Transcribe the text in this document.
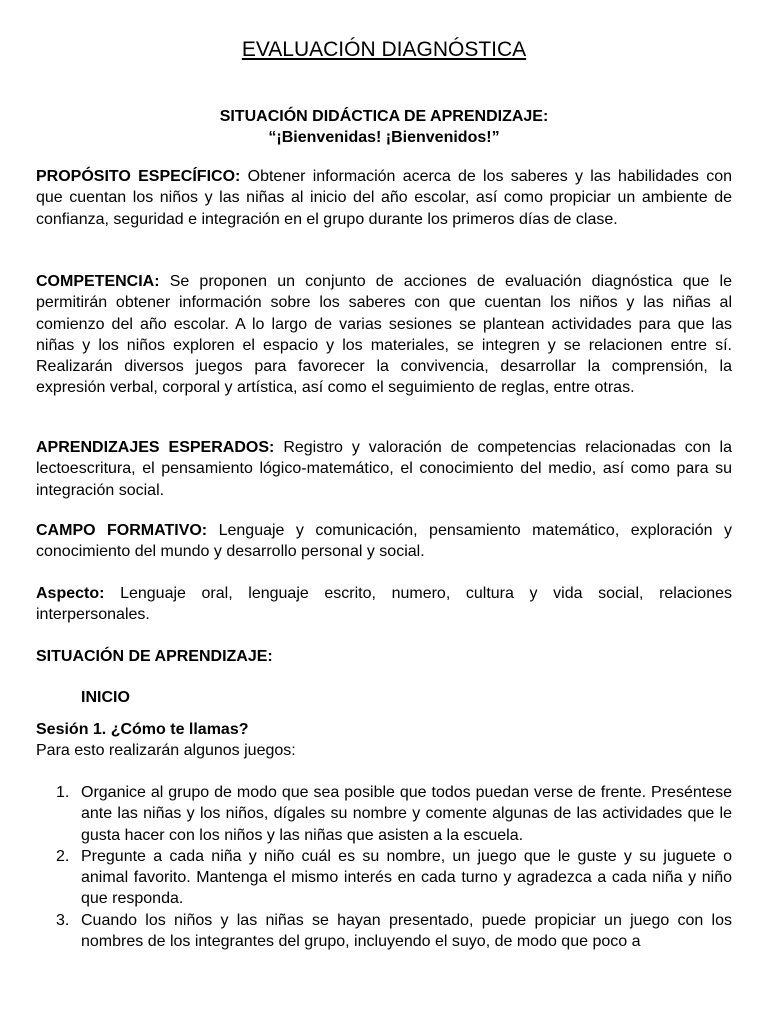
EVALUACIÓN DIAGNÓSTICA
SITUACIÓN DIDÁCTICA DE APRENDIZAJE:
“¡Bienvenidas! ¡Bienvenidos!”
PROPÓSITO ESPECÍFICO: Obtener información acerca de los saberes y las habilidades con que cuentan los niños y las niñas al inicio del año escolar, así como propiciar un ambiente de confianza, seguridad e integración en el grupo durante los primeros días de clase.
COMPETENCIA: Se proponen un conjunto de acciones de evaluación diagnóstica que le permitirán obtener información sobre los saberes con que cuentan los niños y las niñas al comienzo del año escolar. A lo largo de varias sesiones se plantean actividades para que las niñas y los niños exploren el espacio y los materiales, se integren y se relacionen entre sí. Realizarán diversos juegos para favorecer la convivencia, desarrollar la comprensión, la expresión verbal, corporal y artística, así como el seguimiento de reglas, entre otras.
APRENDIZAJES ESPERADOS: Registro y valoración de competencias relacionadas con la lectoescritura, el pensamiento lógico-matemático, el conocimiento del medio, así como para su integración social.
CAMPO FORMATIVO: Lenguaje y comunicación, pensamiento matemático, exploración y conocimiento del mundo y desarrollo personal y social.
Aspecto: Lenguaje oral, lenguaje escrito, numero, cultura y vida social, relaciones interpersonales.
SITUACIÓN DE APRENDIZAJE:
INICIO
Sesión 1. ¿Cómo te llamas?
Para esto realizarán algunos juegos:
1. Organice al grupo de modo que sea posible que todos puedan verse de frente. Preséntese ante las niñas y los niños, dígales su nombre y comente algunas de las actividades que le gusta hacer con los niños y las niñas que asisten a la escuela.
2. Pregunte a cada niña y niño cuál es su nombre, un juego que le guste y su juguete o animal favorito. Mantenga el mismo interés en cada turno y agradezca a cada niña y niño que responda.
3. Cuando los niños y las niñas se hayan presentado, puede propiciar un juego con los nombres de los integrantes del grupo, incluyendo el suyo, de modo que poco a
